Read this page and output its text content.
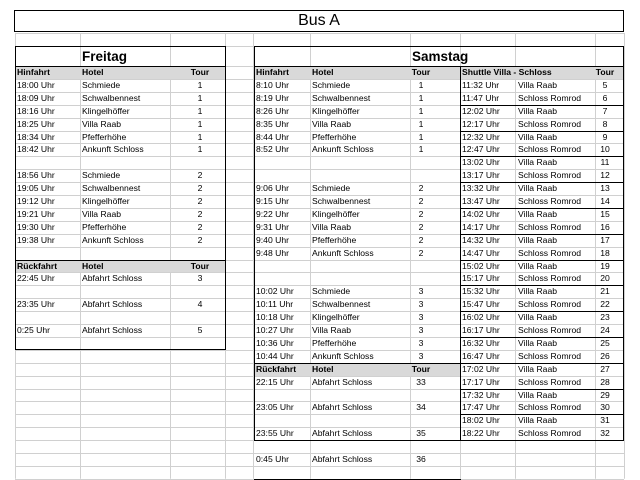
Bus A
Freitag
Hinfahrt	Hotel	Tour
18:00 Uhr	Schmiede	1
18:09 Uhr	Schwalbennest	1
18:16 Uhr	Klingelhöffer	1
18:25 Uhr	Villa Raab	1
18:34 Uhr	Pfefferhöhe	1
18:42 Uhr	Ankunft Schloss	1
18:56 Uhr	Schmiede	2
19:05 Uhr	Schwalbennest	2
19:12 Uhr	Klingelhöffer	2
19:21 Uhr	Villa Raab	2
19:30 Uhr	Pfefferhöhe	2
19:38 Uhr	Ankunft Schloss	2
Rückfahrt	Hotel	Tour
22:45 Uhr	Abfahrt Schloss	3
23:35 Uhr	Abfahrt Schloss	4
0:25 Uhr	Abfahrt Schloss	5
Samstag
Hinfahrt	Hotel	Tour
8:10 Uhr	Schmiede	1
8:19 Uhr	Schwalbennest	1
8:26 Uhr	Klingelhöffer	1
8:35 Uhr	Villa Raab	1
8:44 Uhr	Pfefferhöhe	1
8:52 Uhr	Ankunft Schloss	1
9:06 Uhr	Schmiede	2
9:15 Uhr	Schwalbennest	2
9:22 Uhr	Klingelhöffer	2
9:31 Uhr	Villa Raab	2
9:40 Uhr	Pfefferhöhe	2
9:48 Uhr	Ankunft Schloss	2
10:02 Uhr	Schmiede	3
10:11 Uhr	Schwalbennest	3
10:18 Uhr	Klingelhöffer	3
10:27 Uhr	Villa Raab	3
10:36 Uhr	Pfefferhöhe	3
10:44 Uhr	Ankunft Schloss	3
Rückfahrt	Hotel	Tour
22:15 Uhr	Abfahrt Schloss	33
23:05 Uhr	Abfahrt Schloss	34
23:55 Uhr	Abfahrt Schloss	35
0:45 Uhr	Abfahrt Schloss	36
Shuttle Villa - Schloss	Tour
11:32 Uhr	Villa Raab	5
11:47 Uhr	Schloss Romrod	6
12:02 Uhr	Villa Raab	7
12:17 Uhr	Schloss Romrod	8
12:32 Uhr	Villa Raab	9
12:47 Uhr	Schloss Romrod	10
13:02 Uhr	Villa Raab	11
13:17 Uhr	Schloss Romrod	12
13:32 Uhr	Villa Raab	13
13:47 Uhr	Schloss Romrod	14
14:02 Uhr	Villa Raab	15
14:17 Uhr	Schloss Romrod	16
14:32 Uhr	Villa Raab	17
14:47 Uhr	Schloss Romrod	18
15:02 Uhr	Villa Raab	19
15:17 Uhr	Schloss Romrod	20
15:32 Uhr	Villa Raab	21
15:47 Uhr	Schloss Romrod	22
16:02 Uhr	Villa Raab	23
16:17 Uhr	Schloss Romrod	24
16:32 Uhr	Villa Raab	25
16:47 Uhr	Schloss Romrod	26
17:02 Uhr	Villa Raab	27
17:17 Uhr	Schloss Romrod	28
17:32 Uhr	Villa Raab	29
17:47 Uhr	Schloss Romrod	30
18:02 Uhr	Villa Raab	31
18:22 Uhr	Schloss Romrod	32
